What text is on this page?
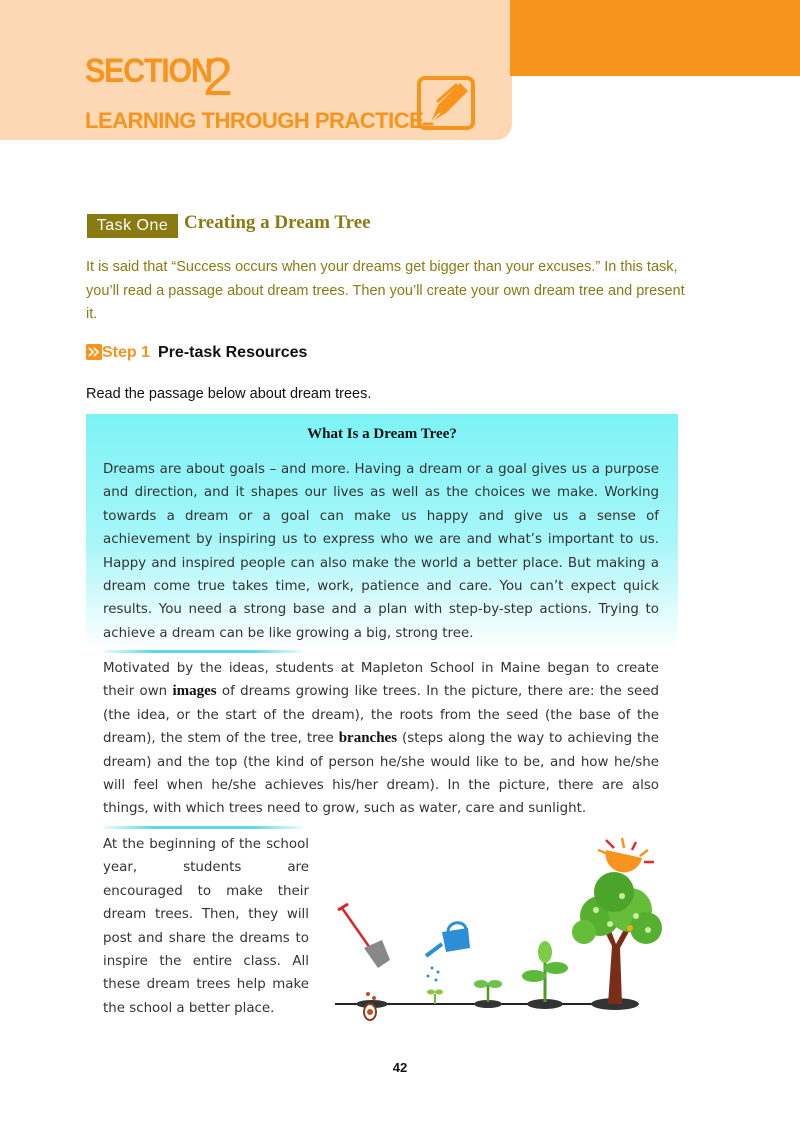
SECTION
2
LEARNING THROUGH PRACTICE
Task One Creating a Dream Tree
It is said that “Success occurs when your dreams get bigger than your excuses.” In this task, you’ll read a passage about dream trees. Then you’ll create your own dream tree and present it.
Step 1 Pre-task Resources
Read the passage below about dream trees.
What Is a Dream Tree?
Dreams are about goals – and more. Having a dream or a goal gives us a purpose and direction, and it shapes our lives as well as the choices we make. Working towards a dream or a goal can make us happy and give us a sense of achievement by inspiring us to express who we are and what’s important to us. Happy and inspired people can also make the world a better place. But making a dream come true takes time, work, patience and care. You can’t expect quick results. You need a strong base and a plan with step-by-step actions. Trying to achieve a dream can be like growing a big, strong tree.
Motivated by the ideas, students at Mapleton School in Maine began to create their own images of dreams growing like trees. In the picture, there are: the seed (the idea, or the start of the dream), the roots from the seed (the base of the dream), the stem of the tree, tree branches (steps along the way to achieving the dream) and the top (the kind of person he/she would like to be, and how he/she will feel when he/she achieves his/her dream). In the picture, there are also things, with which trees need to grow, such as water, care and sunlight.
At the beginning of the school year, students are encouraged to make their dream trees. Then, they will post and share the dreams to inspire the entire class. All these dream trees help make the school a better place.
42
